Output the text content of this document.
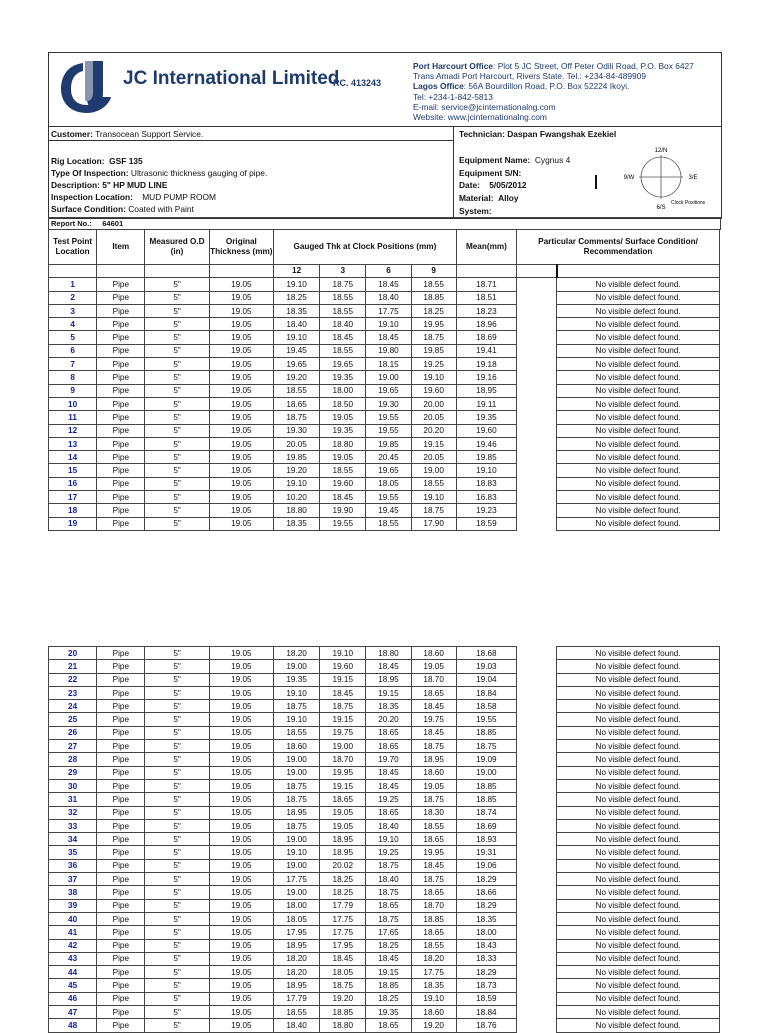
JC International Limited
RC. 413243
Port Harcourt Office: Plot 5 JC Street, Off Peter Odili Road, P.O. Box 6427
Trans Amadi Port Harcourt, Rivers State. Tel.: +234-84-489909
Lagos Office: 56A Bourdillon Road, P.O. Box 52224 Ikoyi.
Tel: +234-1-842-5813
E-mail: service@jcinternationalng.com
Website: www.jcinternationalng.com
Customer: Transocean Support Service.
Rig Location: GSF 135
Type Of Inspection: Ultrasonic thickness gauging of pipe.
Description: 5" HP MUD LINE
Inspection Location: MUD PUMP ROOM
Surface Condition: Coated with Paint
Technician: Daspan Fwangshak Ezekiel
Equipment Name: Cygnus 4
Equipment S/N:
Date: 5/05/2012
Material: Alloy
System:
12/N
9/W	3/E
6/S
Clock Positions
Report No.: 64601
Test Point Location	Item	Measured O.D (in)	Original Thickness (mm)	Gauged Thk at Clock Positions (mm)				Mean(mm)	Particular Comments/ Surface Condition/ Recommendation	

				12	3	6	9			
1	Pipe	5"	19.05	19.10	18.75	18.45	18.55	18.71		No visible defect found.
2	Pipe	5"	19.05	18.25	18.55	18.40	18.85	18.51		No visible defect found.
3	Pipe	5"	19.05	18.35	18.55	17.75	18.25	18.23		No visible defect found.
4	Pipe	5"	19.05	18.40	18.40	19.10	19.95	18.96		No visible defect found.
5	Pipe	5"	19.05	19.10	18.45	18.45	18.75	18.69		No visible defect found.
6	Pipe	5"	19.05	19.45	18.55	19.80	19.85	19.41		No visible defect found.
7	Pipe	5"	19.05	19.65	19.65	18.15	19.25	19.18		No visible defect found.
8	Pipe	5"	19.05	19.20	19.35	19.00	19.10	19.16		No visible defect found.
9	Pipe	5"	19.05	18.55	18.00	19.65	19.60	18.95		No visible defect found.
10	Pipe	5"	19.05	18.65	18.50	19.30	20.00	19.11		No visible defect found.
11	Pipe	5"	19.05	18.75	19.05	19.55	20.05	19.35		No visible defect found.
12	Pipe	5"	19.05	19.30	19.35	19.55	20.20	19.60		No visible defect found.
13	Pipe	5"	19.05	20.05	18.80	19.85	19.15	19.46		No visible defect found.
14	Pipe	5"	19.05	19.85	19.05	20.45	20.05	19.85		No visible defect found.
15	Pipe	5"	19.05	19.20	18.55	19.65	19.00	19.10		No visible defect found.
16	Pipe	5"	19.05	19.10	19.60	18.05	18.55	18.83		No visible defect found.
17	Pipe	5"	19.05	10.20	18.45	19.55	19.10	16.83		No visible defect found.
18	Pipe	5"	19.05	18.80	19.90	19.45	18.75	19.23		No visible defect found.
19	Pipe	5"	19.05	18.35	19.55	18.55	17.90	18.59		No visible defect found.
20	Pipe	5"	19.05	18.20	19.10	18.80	18.60	18.68		No visible defect found.
21	Pipe	5"	19.05	19.00	19.60	18.45	19.05	19.03		No visible defect found.
22	Pipe	5"	19.05	19.35	19.15	18.95	18.70	19.04		No visible defect found.
23	Pipe	5"	19.05	19.10	18.45	19.15	18.65	18.84		No visible defect found.
24	Pipe	5"	19.05	18.75	18.75	18.35	18.45	18.58		No visible defect found.
25	Pipe	5"	19.05	19.10	19.15	20.20	19.75	19.55		No visible defect found.
26	Pipe	5"	19.05	18.55	19.75	18.65	18.45	18.85		No visible defect found.
27	Pipe	5"	19.05	18.60	19.00	18.65	18.75	18.75		No visible defect found.
28	Pipe	5"	19.05	19.00	18.70	19.70	18.95	19.09		No visible defect found.
29	Pipe	5"	19.05	19.00	19.95	18.45	18.60	19.00		No visible defect found.
30	Pipe	5"	19.05	18.75	19.15	18.45	19.05	18.85		No visible defect found.
31	Pipe	5"	19.05	18.75	18.65	19.25	18.75	18.85		No visible defect found.
32	Pipe	5"	19.05	18.95	19.05	18.65	18.30	18.74		No visible defect found.
33	Pipe	5"	19.05	18.75	19.05	18.40	18.55	18.69		No visible defect found.
34	Pipe	5"	19.05	19.00	18.95	19.10	18.65	18.93		No visible defect found.
35	Pipe	5"	19.05	19.10	18.95	19.25	19.95	19.31		No visible defect found.
36	Pipe	5"	19.05	19.00	20.02	18.75	18.45	19.06		No visible defect found.
37	Pipe	5"	19.05	17.75	18.25	18.40	18.75	18.29		No visible defect found.
38	Pipe	5"	19.05	19.00	18.25	18.75	18.65	18.66		No visible defect found.
39	Pipe	5"	19.05	18.00	17.79	18.65	18.70	18.29		No visible defect found.
40	Pipe	5"	19.05	18.05	17.75	18.75	18.85	18.35		No visible defect found.
41	Pipe	5"	19.05	17.95	17.75	17.65	18.65	18.00		No visible defect found.
42	Pipe	5"	19.05	18.95	17.95	18.25	18.55	18.43		No visible defect found.
43	Pipe	5"	19.05	18.20	18.45	18.45	18.20	18.33		No visible defect found.
44	Pipe	5"	19.05	18.20	18.05	19.15	17.75	18.29		No visible defect found.
45	Pipe	5"	19.05	18.95	18.75	18.85	18.35	18.73		No visible defect found.
46	Pipe	5"	19.05	17.79	19.20	18.25	19.10	18.59		No visible defect found.
47	Pipe	5"	19.05	18.55	18.85	19.35	18.60	18.84		No visible defect found.
48	Pipe	5"	19.05	18.40	18.80	18.65	19.20	18.76		No visible defect found.
